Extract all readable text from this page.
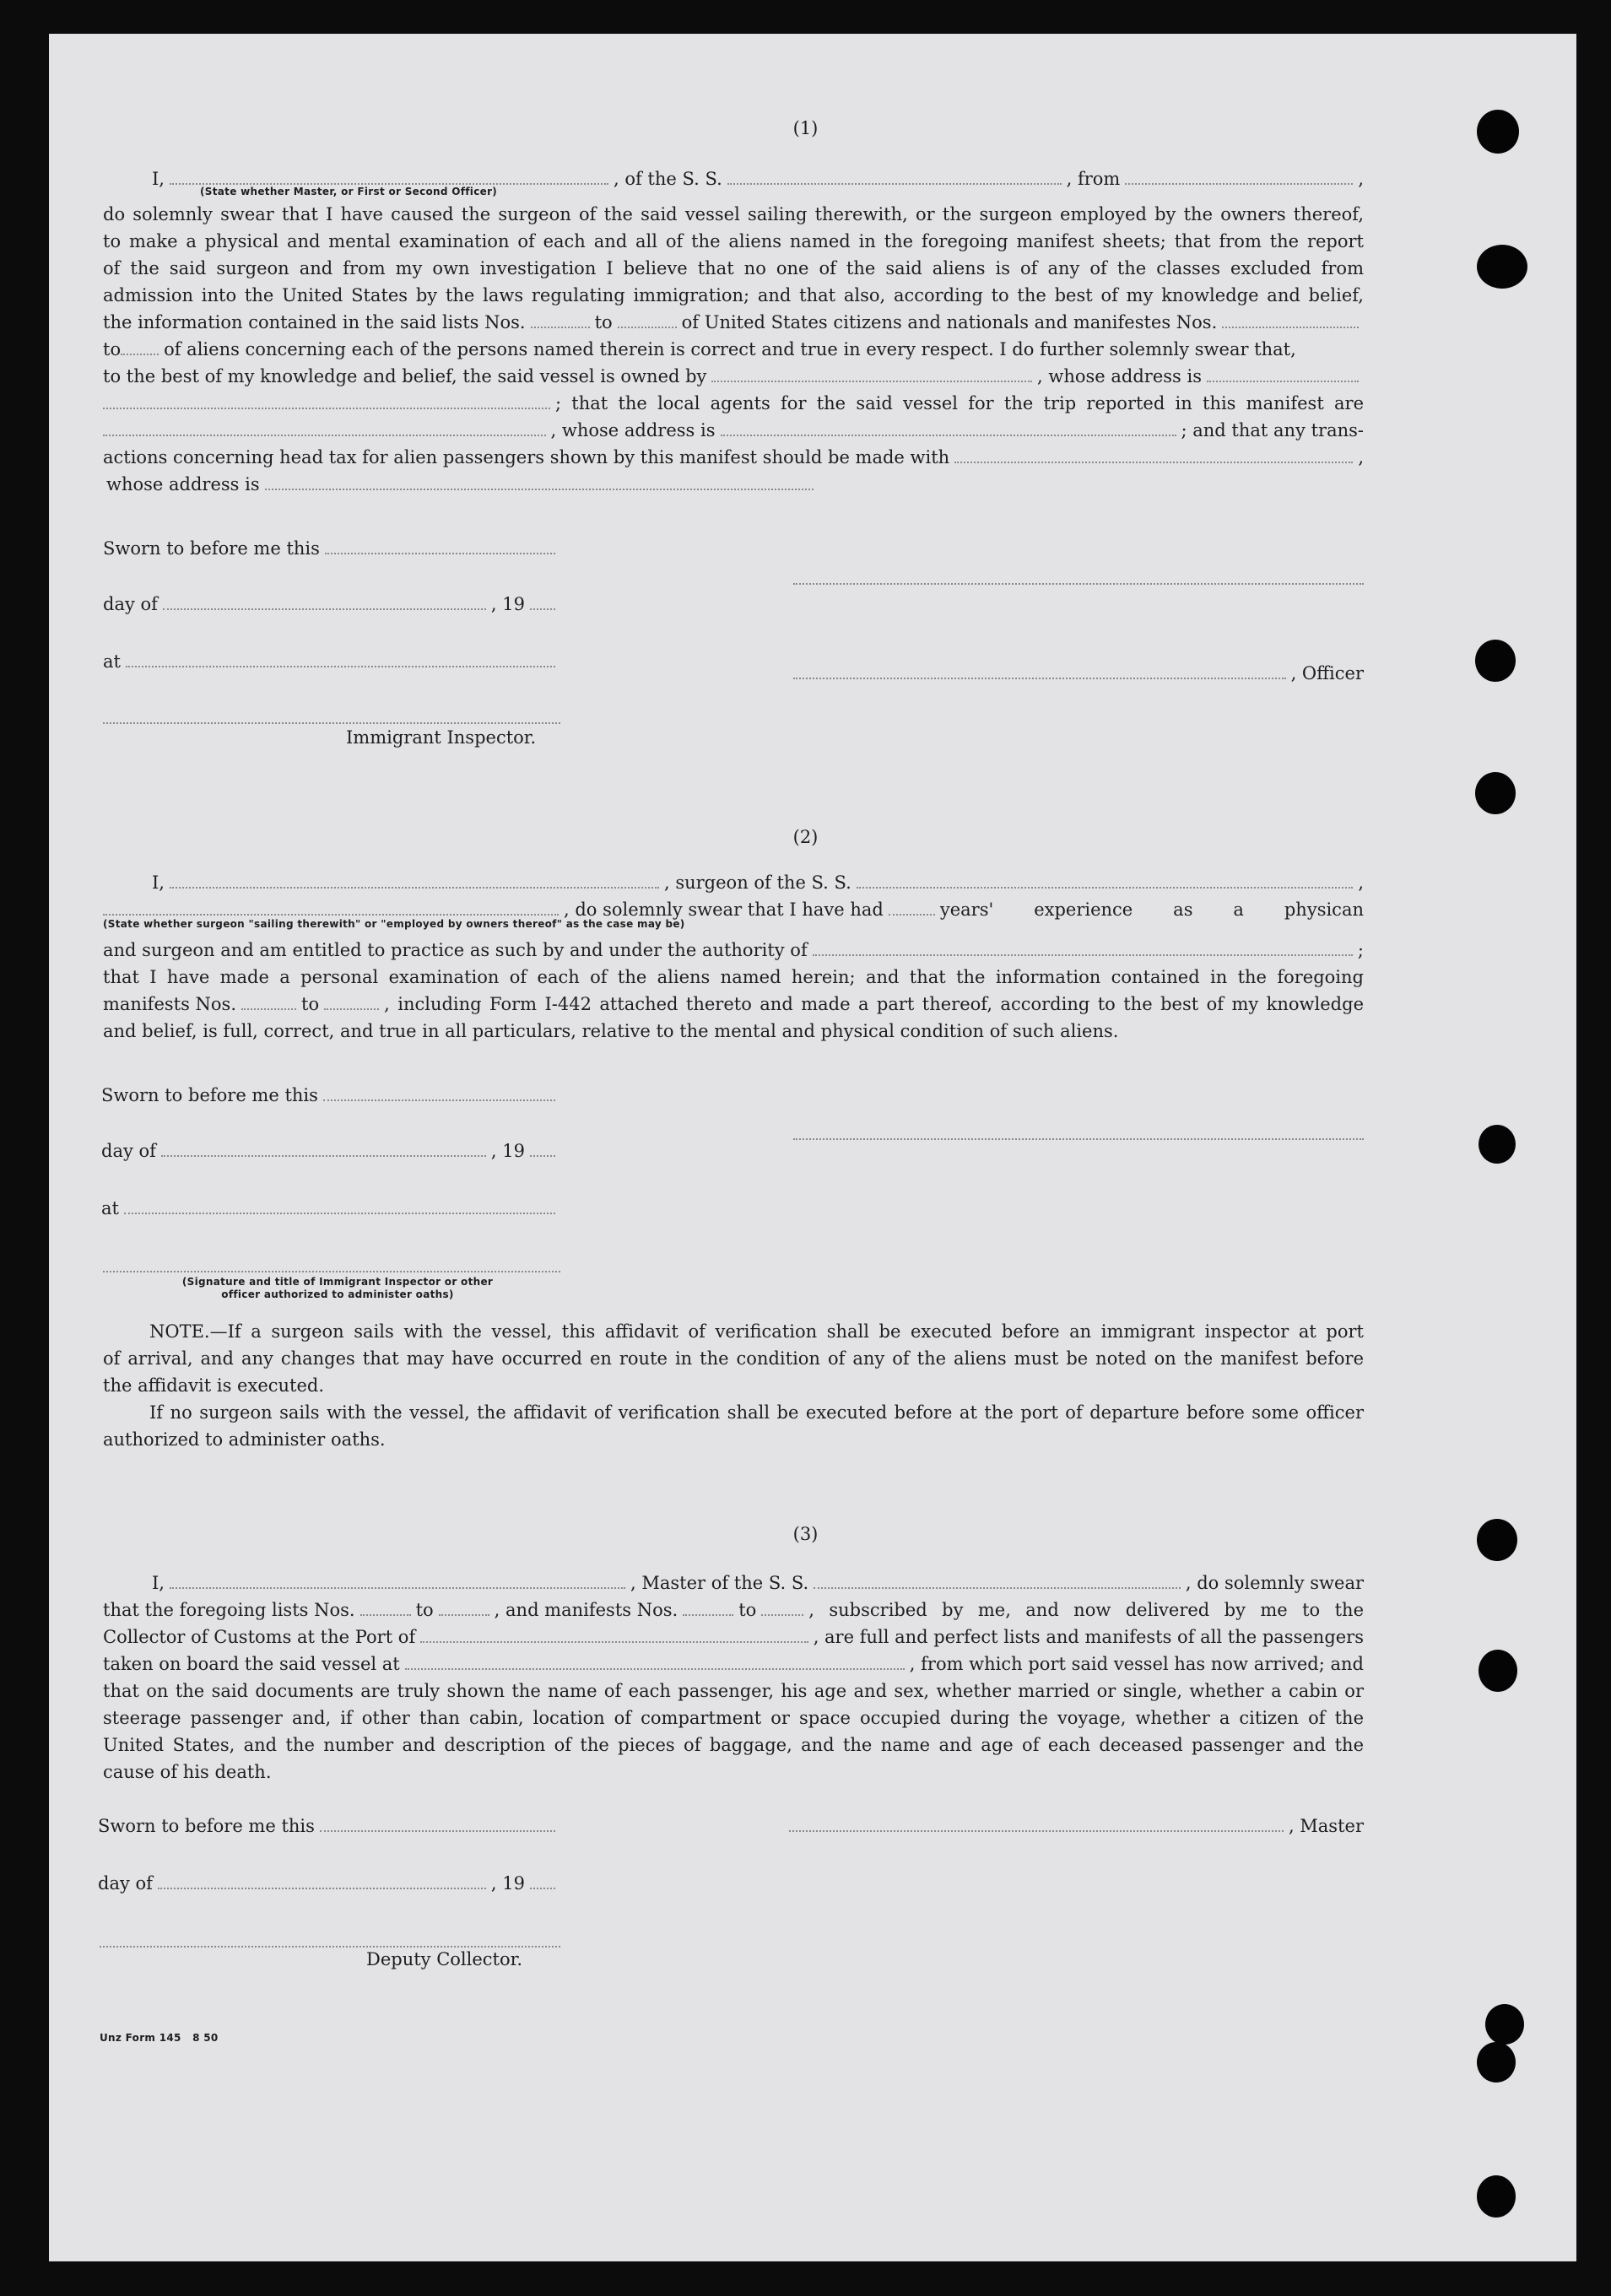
(1)
I,	, of the S. S.	, from	,
(State whether Master, or First or Second Officer)
do solemnly swear that I have caused the surgeon of the said vessel sailing therewith, or the surgeon employed by the owners thereof,
to make a physical and mental examination of each and all of the aliens named in the foregoing manifest sheets; that from the report
of the said surgeon and from my own investigation I believe that no one of the said aliens is of any of the classes excluded from
admission into the United States by the laws regulating immigration; and that also, according to the best of my knowledge and belief,
the information contained in the said lists Nos.	to	of United States citizens and nationals and manifestes Nos.
to of aliens concerning each of the persons named therein is correct and true in every respect. I do further solemnly swear that,
to the best of my knowledge and belief, the said vessel is owned by	, whose address is
; that the local agents for the said vessel for the trip reported in this manifest are
, whose address is	; and that any trans-
actions concerning head tax for alien passengers shown by this manifest should be made with	,
whose address is
Sworn to before me this
day of	, 19
at
, Officer
Immigrant Inspector.
(2)
I,	, surgeon of the S. S.	,
, do solemnly swear that I have had	years' experience as a physican
(State whether surgeon "sailing therewith" or "employed by owners thereof" as the case may be)
and surgeon and am entitled to practice as such by and under the authority of	;
that I have made a personal examination of each of the aliens named herein; and that the information contained in the foregoing
manifests Nos.	to	, including Form I-442 attached thereto and made a part thereof, according to the best of my knowledge
and belief, is full, correct, and true in all particulars, relative to the mental and physical condition of such aliens.
Sworn to before me this
day of	, 19
at
(Signature and title of Immigrant Inspector or other
officer authorized to administer oaths)
NOTE.—If a surgeon sails with the vessel, this affidavit of verification shall be executed before an immigrant inspector at port
of arrival, and any changes that may have occurred en route in the condition of any of the aliens must be noted on the manifest before
the affidavit is executed.
If no surgeon sails with the vessel, the affidavit of verification shall be executed before at the port of departure before some officer
authorized to administer oaths.
(3)
I,	, Master of the S. S.	, do solemnly swear
that the foregoing lists Nos.	to	, and manifests Nos.	to	, subscribed by me, and now delivered by me to the
Collector of Customs at the Port of	, are full and perfect lists and manifests of all the passengers
taken on board the said vessel at	, from which port said vessel has now arrived; and
that on the said documents are truly shown the name of each passenger, his age and sex, whether married or single, whether a cabin or
steerage passenger and, if other than cabin, location of compartment or space occupied during the voyage, whether a citizen of the
United States, and the number and description of the pieces of baggage, and the name and age of each deceased passenger and the
cause of his death.
Sworn to before me this	, Master
day of	, 19
Deputy Collector.
Unz Form 145   8 50
